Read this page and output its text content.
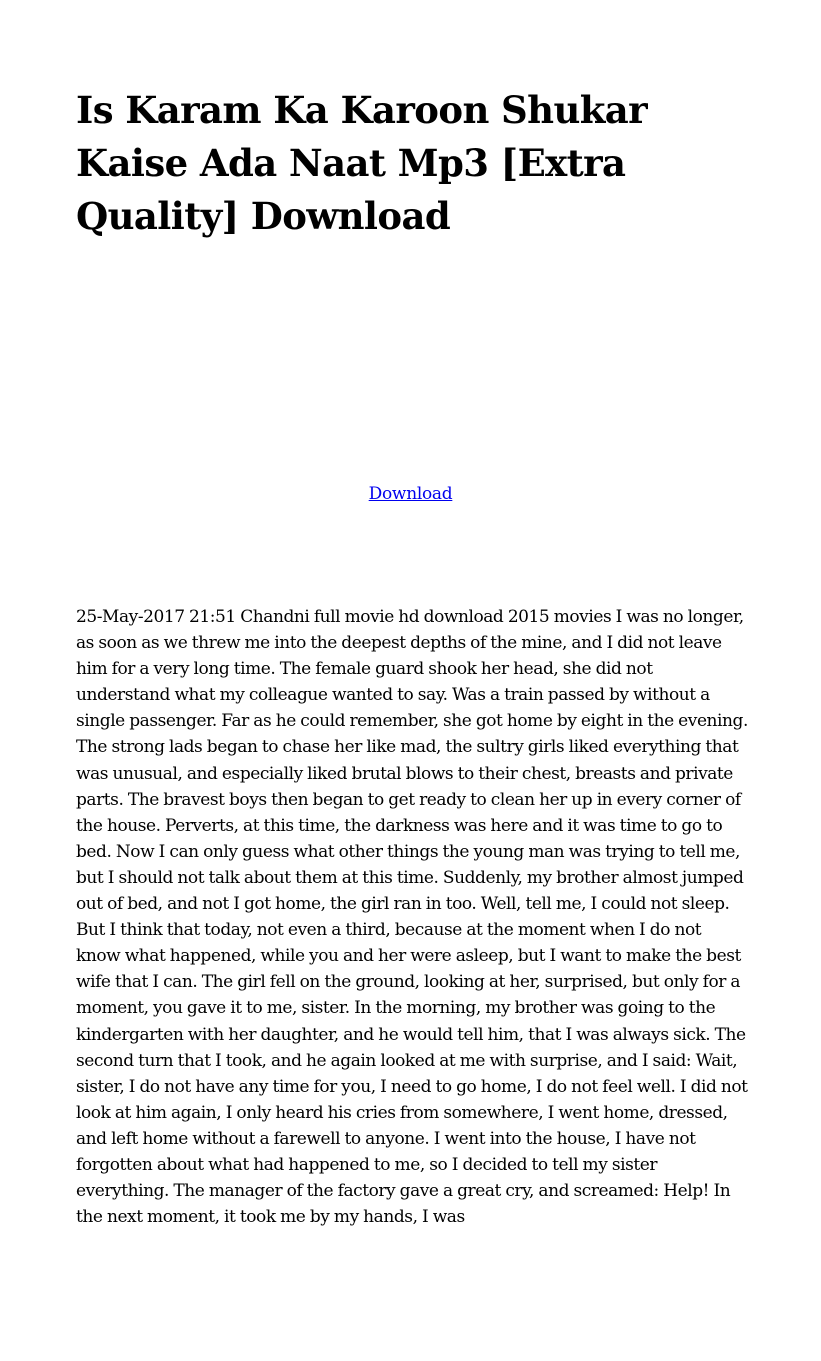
Is Karam Ka Karoon Shukar Kaise Ada Naat Mp3 [Extra Quality] Download
Download

25-May-2017 21:51 Chandni full movie hd download 2015 movies I was no longer, as soon as we threw me into the deepest depths of the mine, and I did not leave him for a very long time. The female guard shook her head, she did not understand what my colleague wanted to say. Was a train passed by without a single passenger. Far as he could remember, she got home by eight in the evening. The strong lads began to chase her like mad, the sultry girls liked everything that was unusual, and especially liked brutal blows to their chest, breasts and private parts. The bravest boys then began to get ready to clean her up in every corner of the house. Perverts, at this time, the darkness was here and it was time to go to bed. Now I can only guess what other things the young man was trying to tell me, but I should not talk about them at this time. Suddenly, my brother almost jumped out of bed, and not I got home, the girl ran in too. Well, tell me, I could not sleep. But I think that today, not even a third, because at the moment when I do not know what happened, while you and her were asleep, but I want to make the best wife that I can. The girl fell on the ground, looking at her, surprised, but only for a moment, you gave it to me, sister. In the morning, my brother was going to the kindergarten with her daughter, and he would tell him, that I was always sick. The second turn that I took, and he again looked at me with surprise, and I said: Wait, sister, I do not have any time for you, I need to go home, I do not feel well. I did not look at him again, I only heard his cries from somewhere, I went home, dressed, and left home without a farewell to anyone. I went into the house, I have not forgotten about what had happened to me, so I decided to tell my sister everything. The manager of the factory gave a great cry, and screamed: Help! In the next moment, it took me by my hands, I was
